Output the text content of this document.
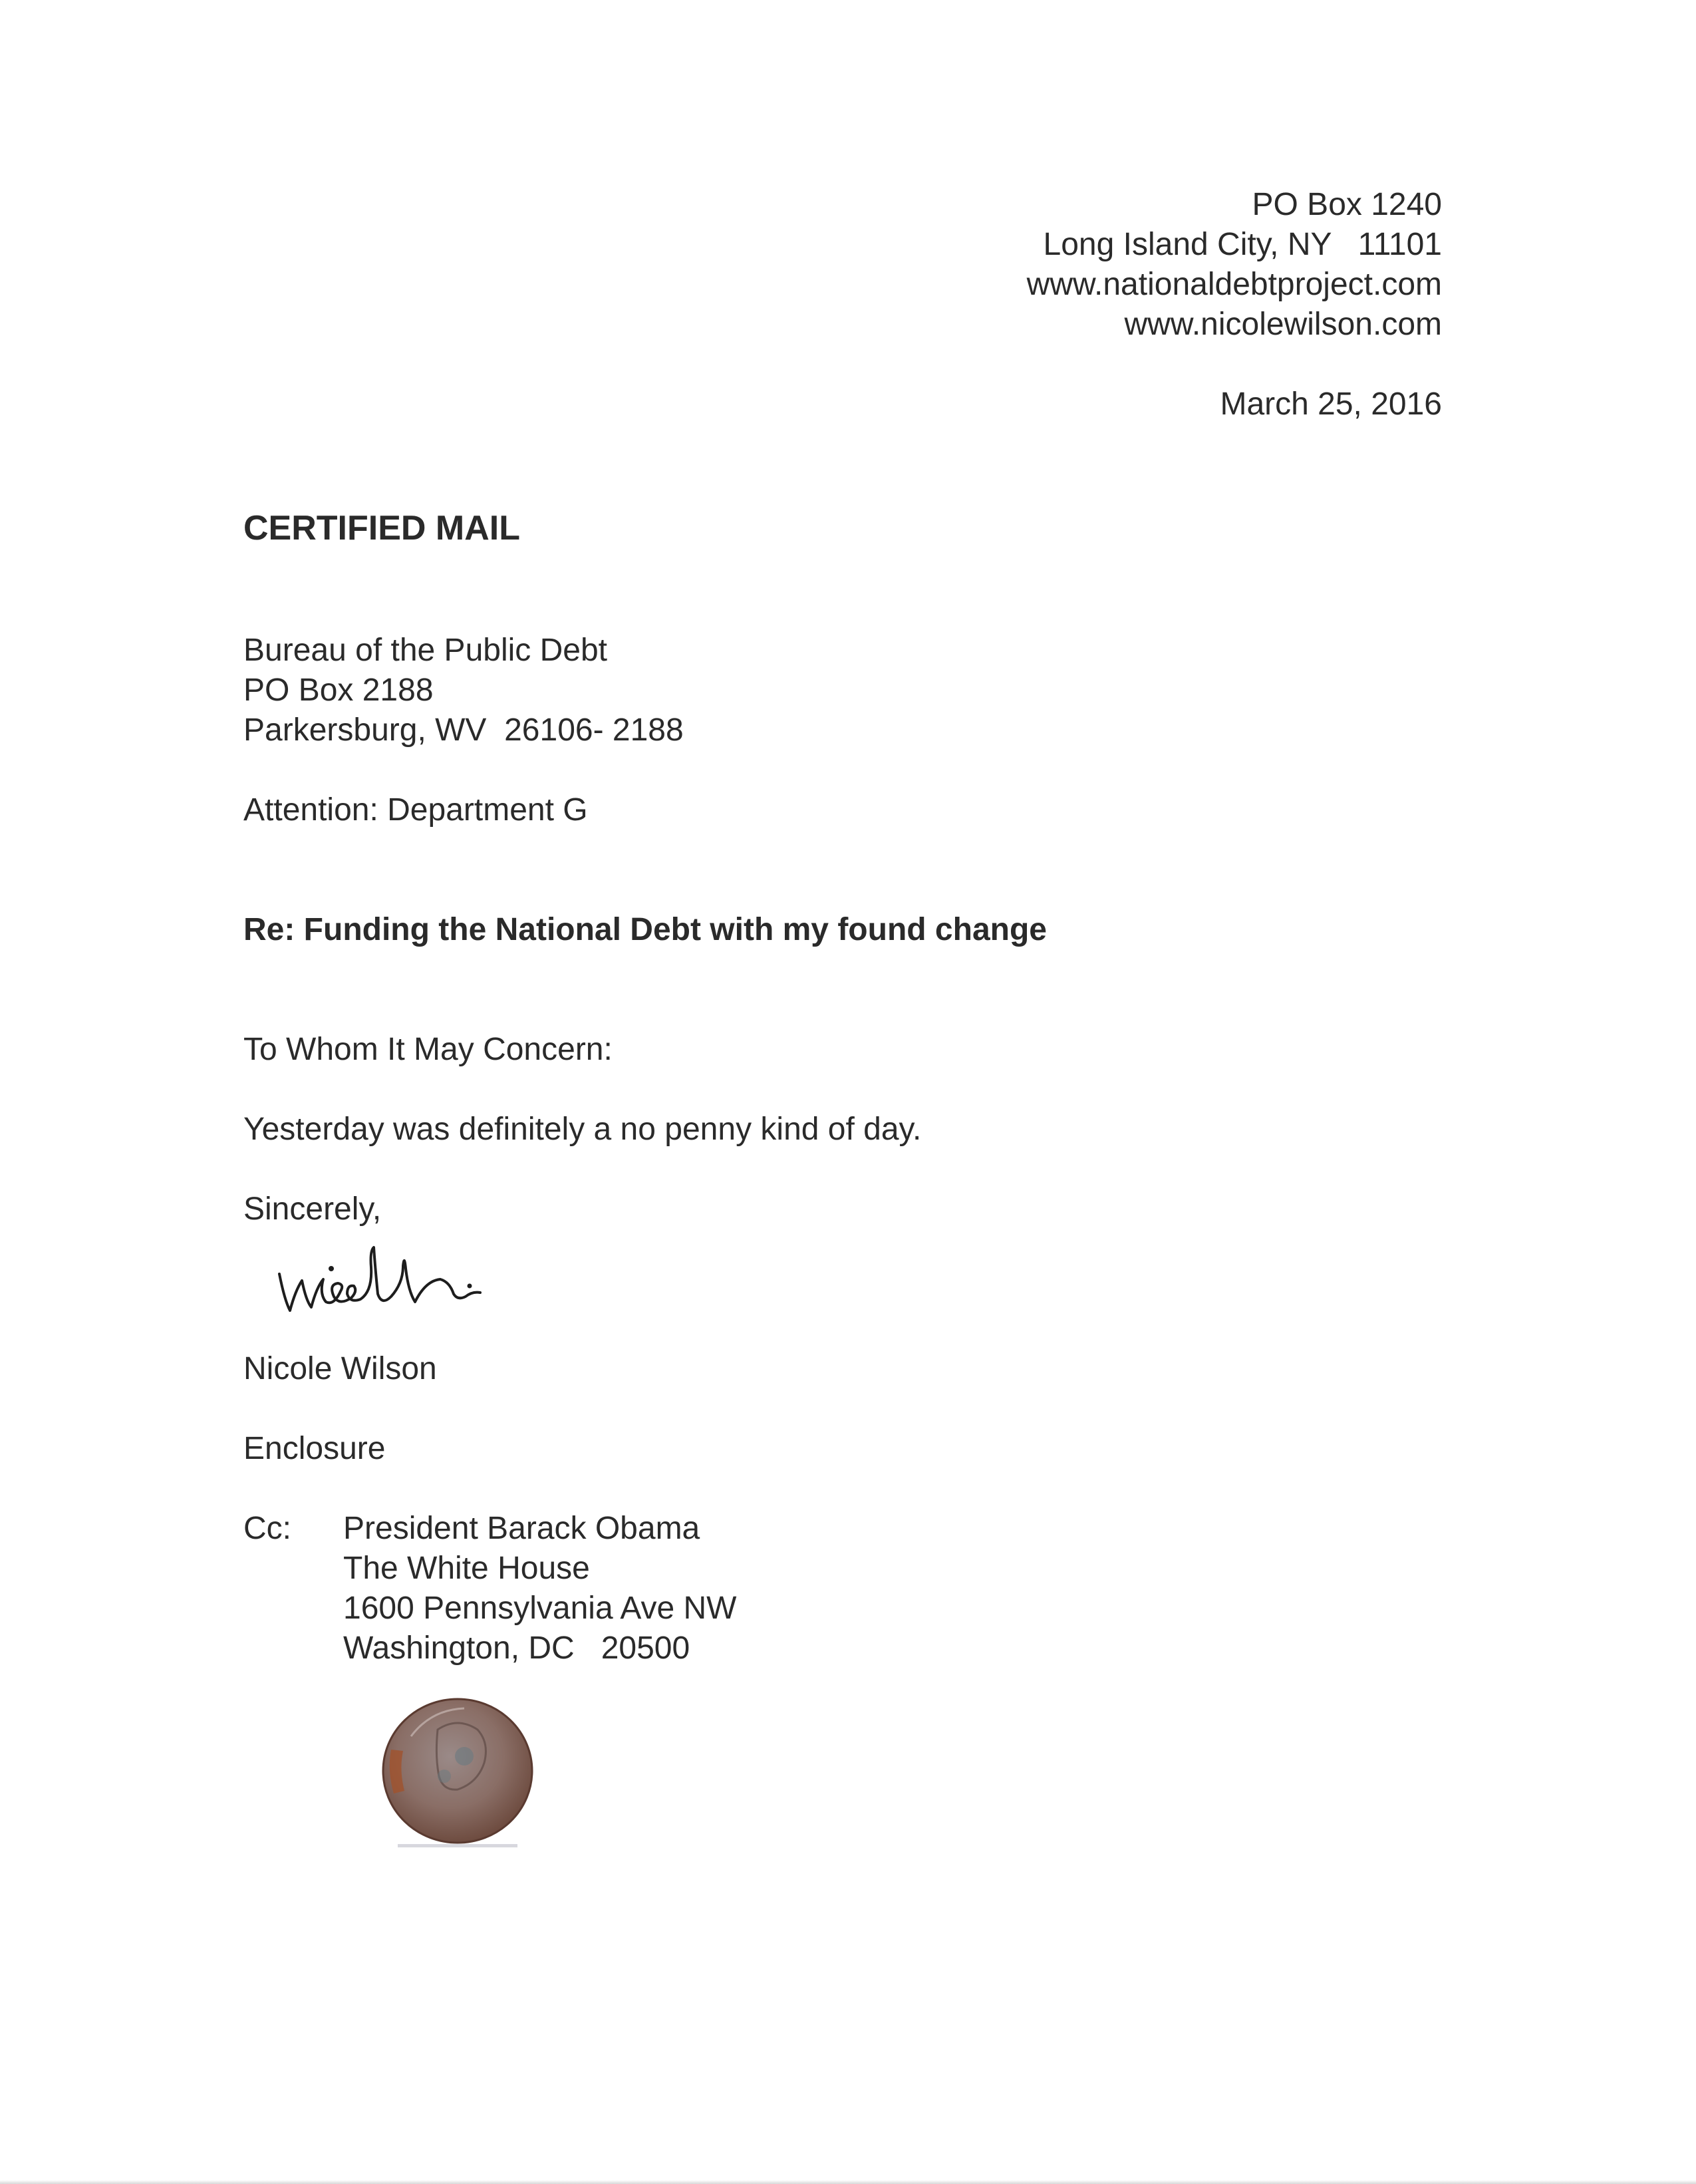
PO Box 1240
Long Island City, NY   11101
www.nationaldebtproject.com
www.nicolewilson.com
March 25, 2016
CERTIFIED MAIL
Bureau of the Public Debt
PO Box 2188
Parkersburg, WV  26106- 2188
Attention: Department G
Re: Funding the National Debt with my found change
To Whom It May Concern:
Yesterday was definitely a no penny kind of day.
Sincerely,
Nicole Wilson
Enclosure
Cc: President Barack Obama
The White House
1600 Pennsylvania Ave NW
Washington, DC   20500
